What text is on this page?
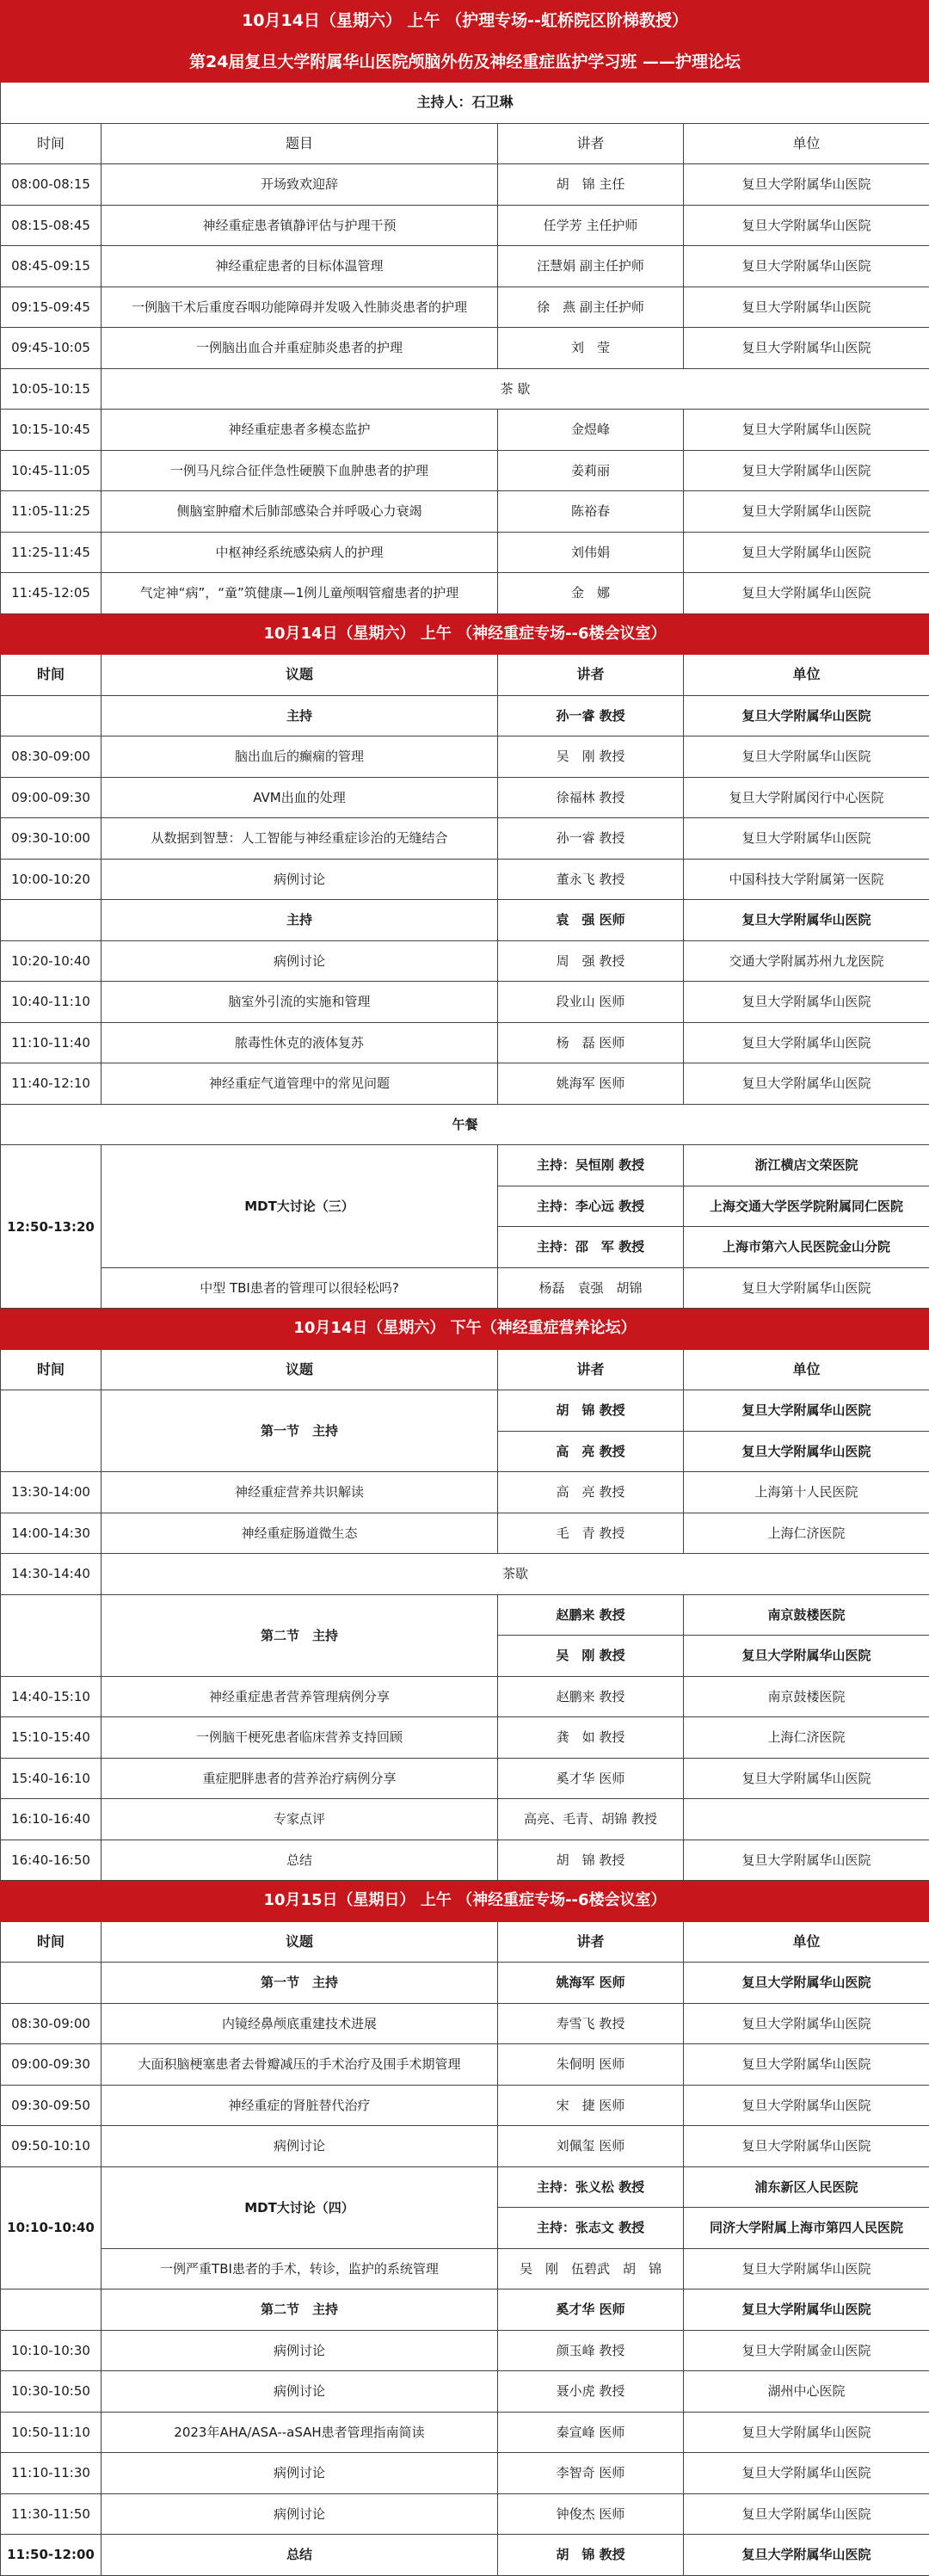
10月14日（星期六） 上午 （护理专场--虹桥院区阶梯教授）			
第24届复旦大学附属华山医院颅脑外伤及神经重症监护学习班 ——护理论坛			
主持人：石卫琳			
时间	题目	讲者	单位
08:00-08:15	开场致欢迎辞	胡　锦 主任	复旦大学附属华山医院
08:15-08:45	神经重症患者镇静评估与护理干预	任学芳 主任护师	复旦大学附属华山医院
08:45-09:15	神经重症患者的目标体温管理	汪慧娟 副主任护师	复旦大学附属华山医院
09:15-09:45	一例脑干术后重度吞咽功能障碍并发吸入性肺炎患者的护理	徐　燕 副主任护师	复旦大学附属华山医院
09:45-10:05	一例脑出血合并重症肺炎患者的护理	刘　莹	复旦大学附属华山医院
10:05-10:15	茶 歇		
10:15-10:45	神经重症患者多模态监护	金煜峰	复旦大学附属华山医院
10:45-11:05	一例马凡综合征伴急性硬膜下血肿患者的护理	姜莉丽	复旦大学附属华山医院
11:05-11:25	侧脑室肿瘤术后肺部感染合并呼吸心力衰竭	陈裕春	复旦大学附属华山医院
11:25-11:45	中枢神经系统感染病人的护理	刘伟娟	复旦大学附属华山医院
11:45-12:05	气定神“病”，“童”筑健康—1例儿童颅咽管瘤患者的护理	金　娜	复旦大学附属华山医院
10月14日（星期六） 上午 （神经重症专场--6楼会议室）			
时间	议题	讲者	单位
	主持	孙一睿 教授	复旦大学附属华山医院
08:30-09:00	脑出血后的癫痫的管理	吴　刚 教授	复旦大学附属华山医院
09:00-09:30	AVM出血的处理	徐福林 教授	复旦大学附属闵行中心医院
09:30-10:00	从数据到智慧：人工智能与神经重症诊治的无缝结合	孙一睿 教授	复旦大学附属华山医院
10:00-10:20	病例讨论	董永飞 教授	中国科技大学附属第一医院
	主持	袁　强 医师	复旦大学附属华山医院
10:20-10:40	病例讨论	周　强 教授	交通大学附属苏州九龙医院
10:40-11:10	脑室外引流的实施和管理	段业山 医师	复旦大学附属华山医院
11:10-11:40	脓毒性休克的液体复苏	杨　磊 医师	复旦大学附属华山医院
11:40-12:10	神经重症气道管理中的常见问题	姚海军 医师	复旦大学附属华山医院
午餐			
12:50-13:20	MDT大讨论（三）	主持：吴恒刚 教授	浙江横店文荣医院
		主持：李心远 教授	上海交通大学医学院附属同仁医院
		主持：邵　军 教授	上海市第六人民医院金山分院
	中型 TBI患者的管理可以很轻松吗?	杨磊　袁强　胡锦	复旦大学附属华山医院
10月14日（星期六） 下午（神经重症营养论坛）			
时间	议题	讲者	单位
	第一节　主持	胡　锦 教授	复旦大学附属华山医院
		高　亮 教授	复旦大学附属华山医院
13:30-14:00	神经重症营养共识解读	高　亮 教授	上海第十人民医院
14:00-14:30	神经重症肠道微生态	毛　青 教授	上海仁济医院
14:30-14:40	茶歇		
	第二节　主持	赵鹏来 教授	南京鼓楼医院
		吴　刚 教授	复旦大学附属华山医院
14:40-15:10	神经重症患者营养管理病例分享	赵鹏来 教授	南京鼓楼医院
15:10-15:40	一例脑干梗死患者临床营养支持回顾	龚　如 教授	上海仁济医院
15:40-16:10	重症肥胖患者的营养治疗病例分享	奚才华 医师	复旦大学附属华山医院
16:10-16:40	专家点评	高亮、毛青、胡锦 教授	
16:40-16:50	总结	胡　锦 教授	复旦大学附属华山医院
10月15日（星期日） 上午 （神经重症专场--6楼会议室）			
时间	议题	讲者	单位
	第一节　主持	姚海军 医师	复旦大学附属华山医院
08:30-09:00	内镜经鼻颅底重建技术进展	寿雪飞 教授	复旦大学附属华山医院
09:00-09:30	大面积脑梗塞患者去骨瓣减压的手术治疗及围手术期管理	朱侗明 医师	复旦大学附属华山医院
09:30-09:50	神经重症的肾脏替代治疗	宋　捷 医师	复旦大学附属华山医院
09:50-10:10	病例讨论	刘佩玺 医师	复旦大学附属华山医院
10:10-10:40	MDT大讨论（四）	主持：张义松 教授	浦东新区人民医院
		主持：张志文 教授	同济大学附属上海市第四人民医院
	一例严重TBI患者的手术，转诊，监护的系统管理	吴　刚　伍碧武　胡　锦	复旦大学附属华山医院
	第二节　主持	奚才华 医师	复旦大学附属华山医院
10:10-10:30	病例讨论	颜玉峰 教授	复旦大学附属金山医院
10:30-10:50	病例讨论	聂小虎 教授	湖州中心医院
10:50-11:10	2023年AHA/ASA--aSAH患者管理指南简读	秦宣峰 医师	复旦大学附属华山医院
11:10-11:30	病例讨论	李智奇 医师	复旦大学附属华山医院
11:30-11:50	病例讨论	钟俊杰 医师	复旦大学附属华山医院
11:50-12:00	总结	胡　锦 教授	复旦大学附属华山医院
